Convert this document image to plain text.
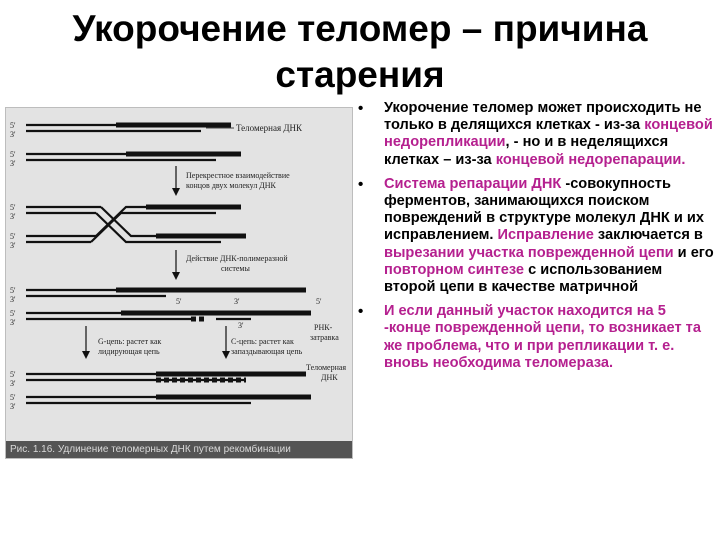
Укорочение теломер – причина старения
5'
3'
5'
3'
Теломерная ДНК
Перекрестное взаимодействие
концов двух молекул ДНК
5'
3'
5'
3'
Действие ДНК-полимеразной
системы
5'
3'
5'
3'
5'	3'	5'
3'	РНК-
затравка
G-цепь: растет как
лидирующая цепь
С-цепь: растет как
запаздывающая цепь
5'
3'
5'
3'
Теломерная
ДНК
Рис. 1.16. Удлинение теломерных ДНК путем рекомбинации
• Укорочение теломер может происходить не только в делящихся клетках - из-за концевой недорепликации, - но и в неделящихся клетках – из-за концевой недорепарации.
• Система репарации ДНК -совокупность ферментов, занимающихся поиском повреждений в структуре молекул ДНК и их исправлением. Исправление заключается в вырезании участка поврежденной цепи и его повторном синтезе с использованием второй цепи в качестве матричной
• И если данный участок находится на 5 -конце поврежденной цепи, то возникает та же проблема, что и при репликации т. е. вновь необходима теломераза.
